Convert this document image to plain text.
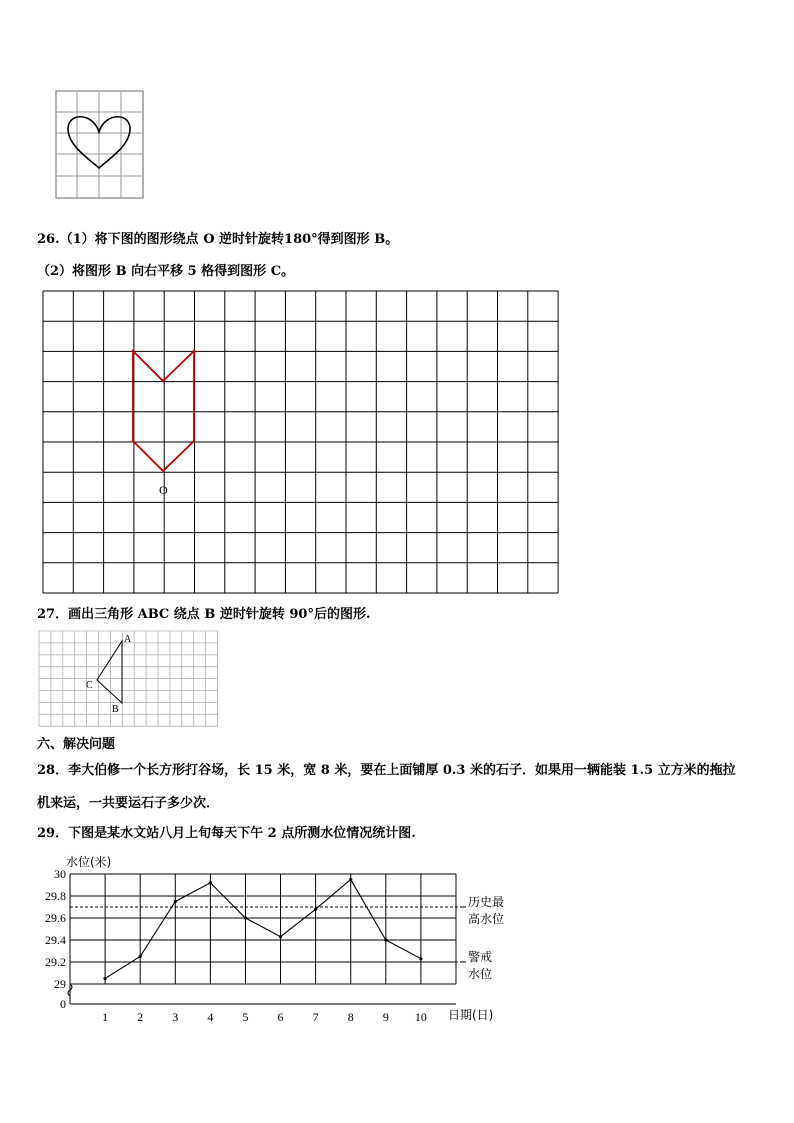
26.（1）将下图的图形绕点 O 逆时针旋转180°得到图形 B。
（2）将图形 B 向右平移 5 格得到图形 C。
O
27．画出三角形 ABC 绕点 B 逆时针旋转 90°后的图形.
A
C
B
六、解决问题
28．李大伯修一个长方形打谷场，长 15 米，宽 8 米，要在上面铺厚 0.3 米的石子．如果用一辆能装 1.5 立方米的拖拉
机来运，一共要运石子多少次．
29．下图是某水文站八月上旬每天下午 2 点所测水位情况统计图.
历史最
高水位
警戒
水位
0
29
29.2
29.4
29.6
29.8
30
1 2 3 4 5 6 7 8 9 10
水位(米)
日期(日)
